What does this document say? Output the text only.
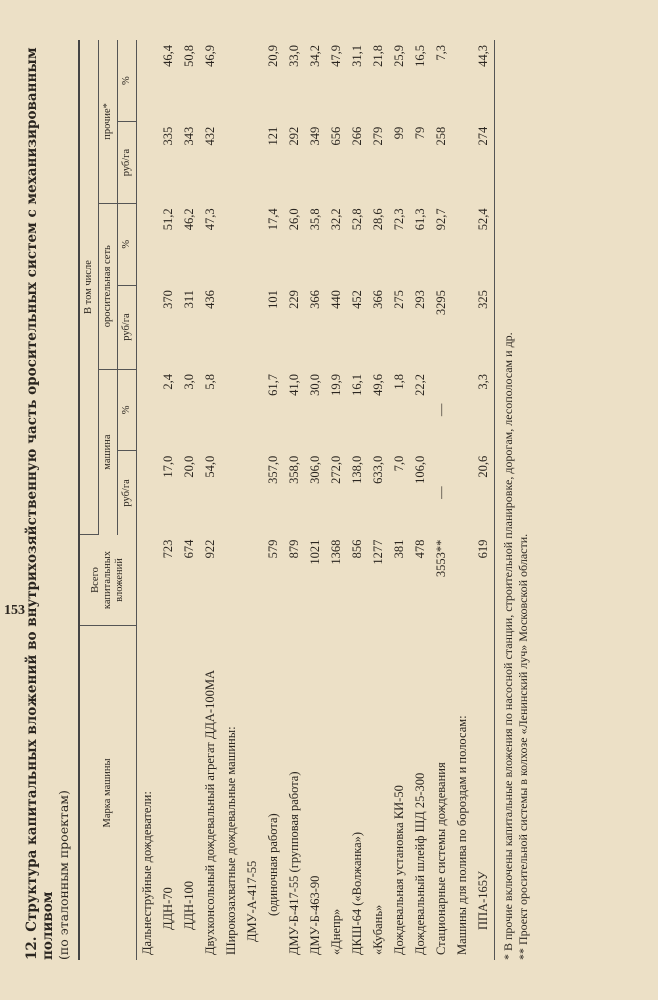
12. Структура капитальных вложений во внутрихозяйственную часть оросительных систем с механизированным поливом
(по эталонным проектам)	Марка машины	Всего капитальных вложений	В том числе					
		машина		оросительная сеть		прочие*	
		руб/га	%	руб/га	%	руб/га	%
Дальнеструйные дождеватели:							
ДДН-70	723	17,0	2,4	370	51,2	335	46,4
ДДН-100	674	20,0	3,0	311	46,2	343	50,8
Двухконсольный дождевальный агрегат ДДА-100МА	922	54,0	5,8	436	47,3	432	46,9
Широкозахватные дождевальные машины:							
ДМУ-А-417-55							
(одиночная работа)	579	357,0	61,7	101	17,4	121	20,9
ДМУ-Б-417-55 (групповая работа)	879	358,0	41,0	229	26,0	292	33,0
ДМУ-Б-463-90	1021	306,0	30,0	366	35,8	349	34,2
«Днепр»	1368	272,0	19,9	440	32,2	656	47,9
ДКШ-64 («Волжанка»)	856	138,0	16,1	452	52,8	266	31,1
«Кубань»	1277	633,0	49,6	366	28,6	279	21,8
Дождевальная установка КИ-50	381	7,0	1,8	275	72,3	99	25,9
Дождевальный шлейф ШД 25-300	478	106,0	22,2	293	61,3	79	16,5
Стационарные системы дождевания	3553**	—	—	3295	92,7	258	7,3
Машины для полива по бороздам и полосам:							
ППА-165У	619	20,6	3,3	325	52,4	274	44,3
* В прочие включены капитальные вложения по насосной станции, строительной планировке, дорогам, лесополосам и др. ** Проект оросительной системы в колхозе «Ленинский луч» Московской области.
153
